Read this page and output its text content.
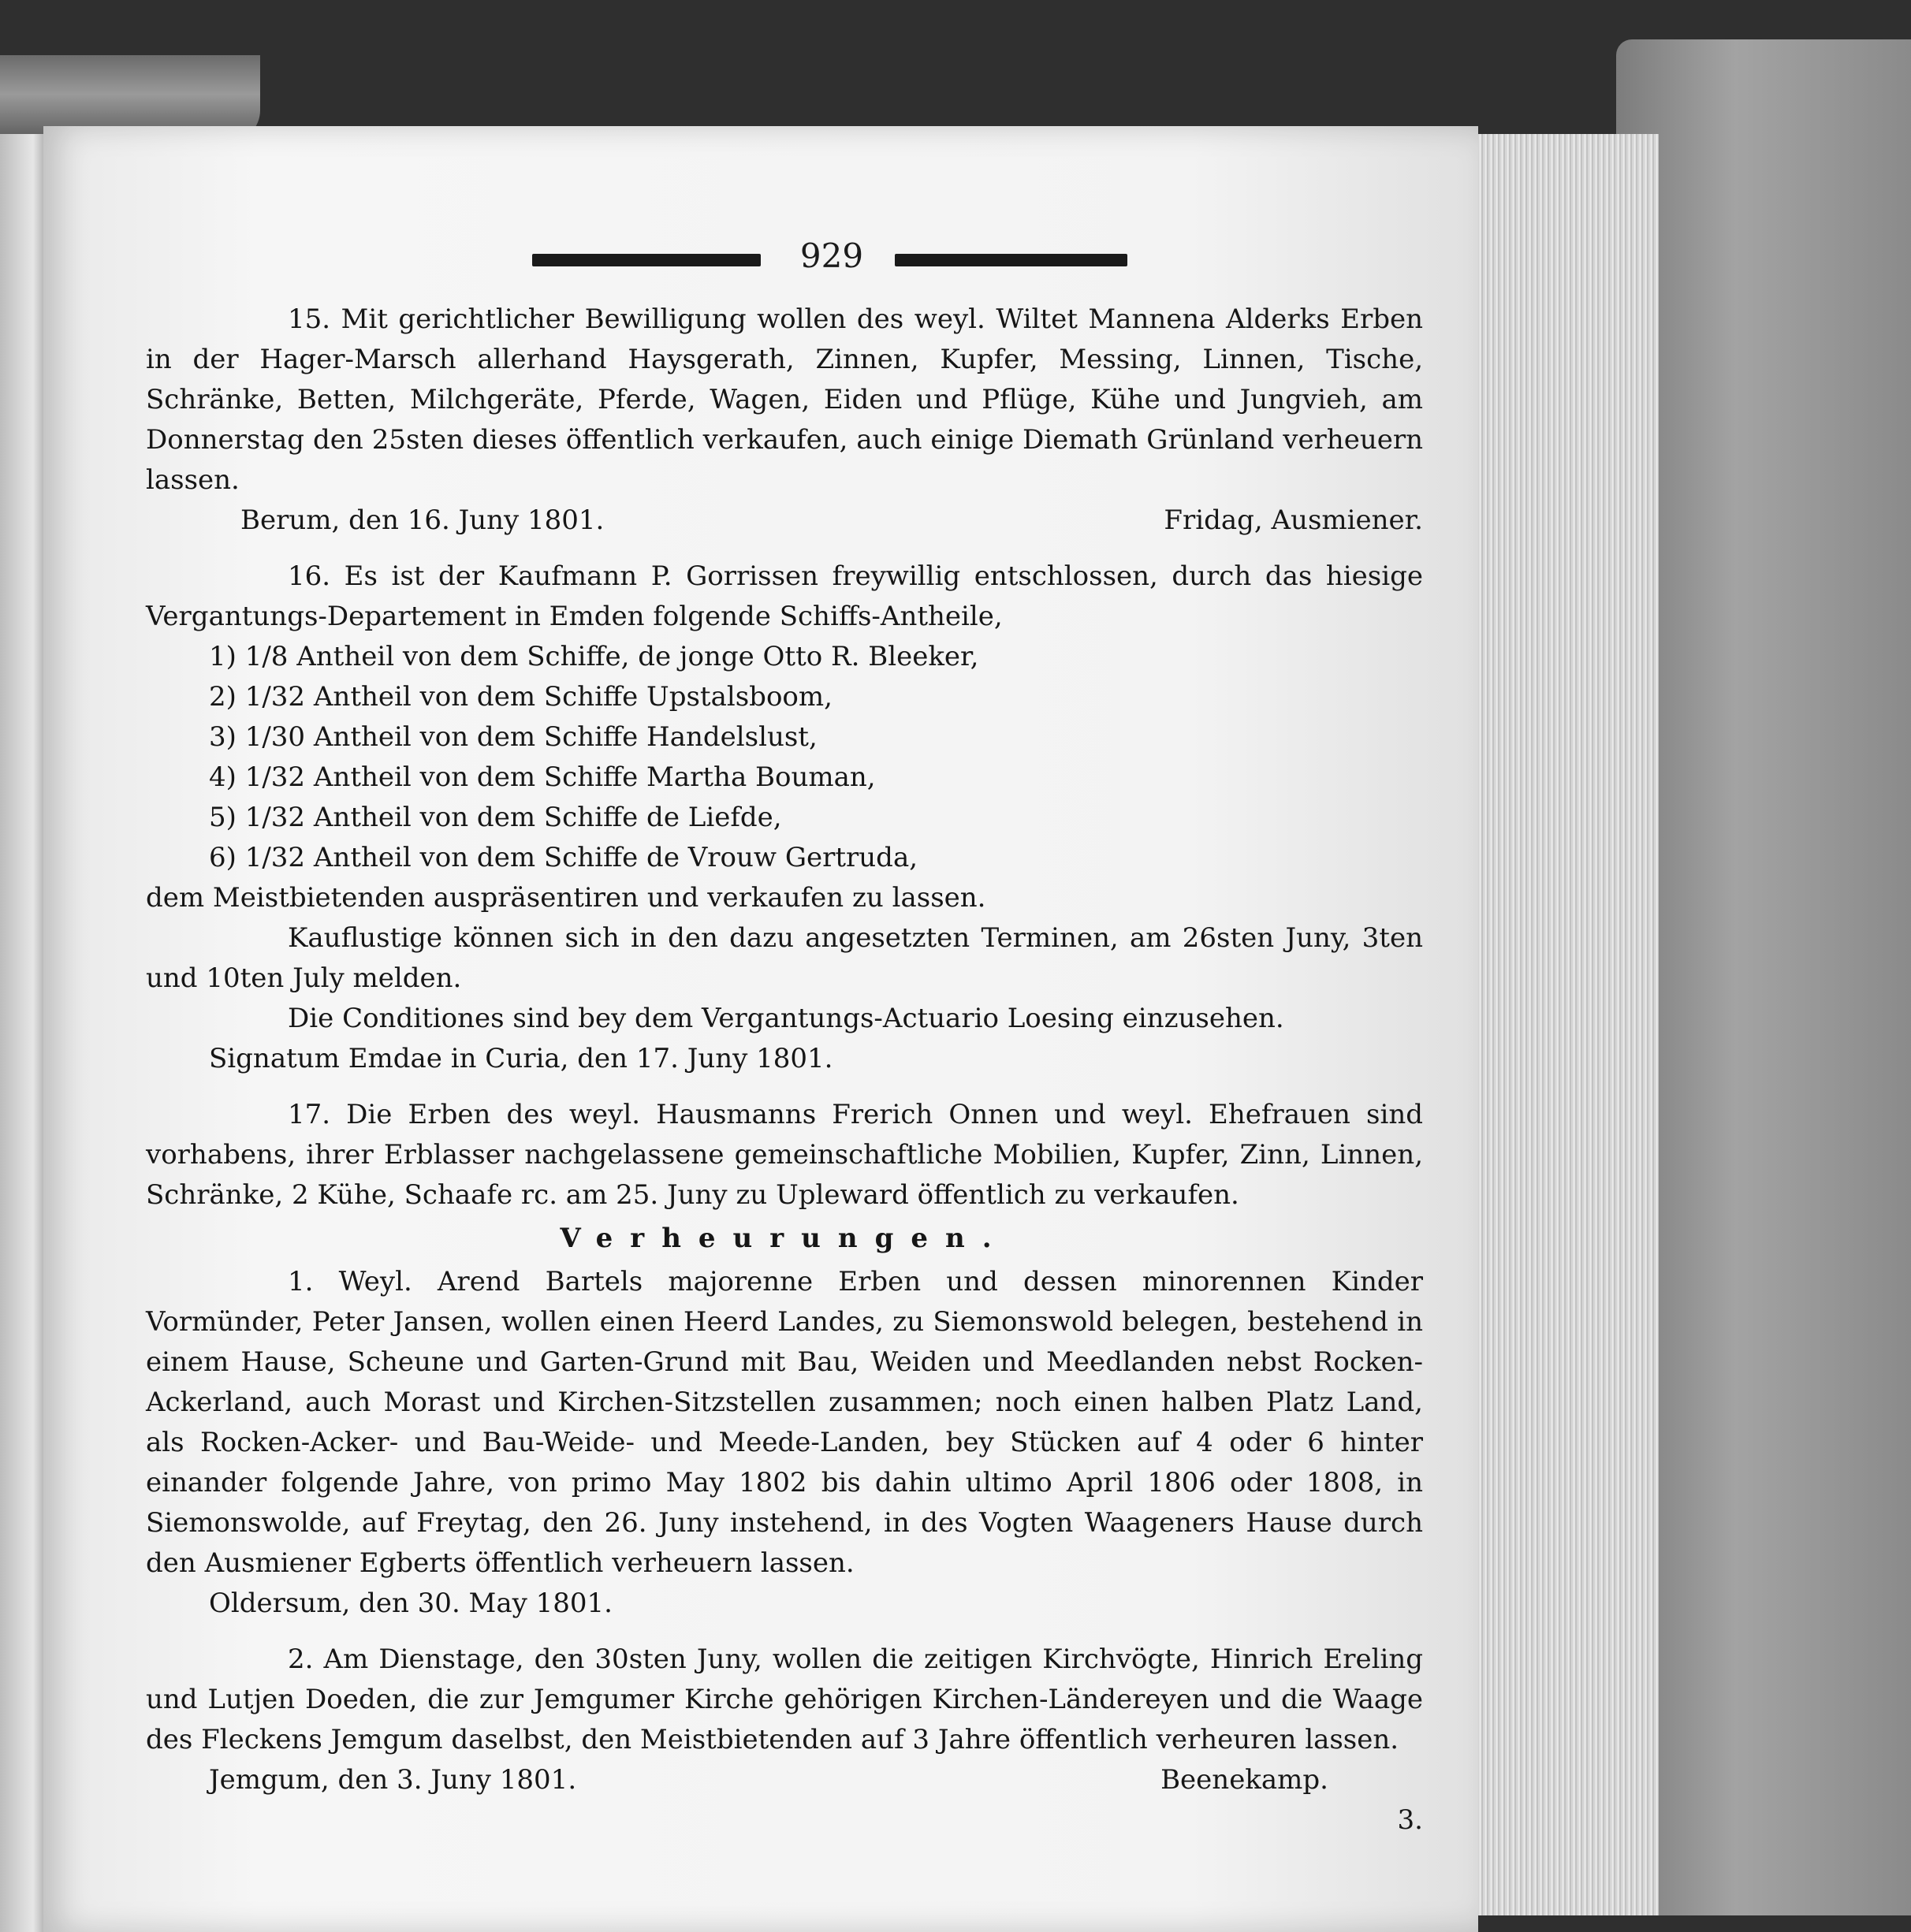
929

15. Mit gerichtlicher Bewilligung wollen des weyl. Wiltet Mannena Alderks Erben in der Hager-Marsch allerhand Haysgerath, Zinnen, Kupfer, Messing, Linnen, Tische, Schränke, Betten, Milchgeräte, Pferde, Wagen, Eiden und Pflüge, Kühe und Jungvieh, am Donnerstag den 25sten dieses öffentlich verkaufen, auch einige Diemath Grünland verheuern lassen.

Berum, den 16. Juny 1801.	Fridag, Ausmiener.

16. Es ist der Kaufmann P. Gorrissen freywillig entschlossen, durch das hiesige Vergantungs-Departement in Emden folgende Schiffs-Antheile,

1) 1/8 Antheil von dem Schiffe, de jonge Otto R. Bleeker,

2) 1/32 Antheil von dem Schiffe Upstalsboom,

3) 1/30 Antheil von dem Schiffe Handelslust,

4) 1/32 Antheil von dem Schiffe Martha Bouman,

5) 1/32 Antheil von dem Schiffe de Liefde,

6) 1/32 Antheil von dem Schiffe de Vrouw Gertruda,

dem Meistbietenden auspräsentiren und verkaufen zu lassen.

Kauflustige können sich in den dazu angesetzten Terminen, am 26sten Juny, 3ten und 10ten July melden.

Die Conditiones sind bey dem Vergantungs-Actuario Loesing einzusehen.

Signatum Emdae in Curia, den 17. Juny 1801.

17. Die Erben des weyl. Hausmanns Frerich Onnen und weyl. Ehefrauen sind vorhabens, ihrer Erblasser nachgelassene gemeinschaftliche Mobilien, Kupfer, Zinn, Linnen, Schränke, 2 Kühe, Schaafe rc. am 25. Juny zu Upleward öffentlich zu verkaufen.

Verheurungen.

1. Weyl. Arend Bartels majorenne Erben und dessen minorennen Kinder Vormünder, Peter Jansen, wollen einen Heerd Landes, zu Siemonswold belegen, bestehend in einem Hause, Scheune und Garten-Grund mit Bau, Weiden und Meedlanden nebst Rocken-Ackerland, auch Morast und Kirchen-Sitzstellen zusammen; noch einen halben Platz Land, als Rocken-Acker- und Bau-Weide- und Meede-Landen, bey Stücken auf 4 oder 6 hinter einander folgende Jahre, von primo May 1802 bis dahin ultimo April 1806 oder 1808, in Siemonswolde, auf Freytag, den 26. Juny instehend, in des Vogten Waageners Hause durch den Ausmiener Egberts öffentlich verheuern lassen.

Oldersum, den 30. May 1801.

2. Am Dienstage, den 30sten Juny, wollen die zeitigen Kirchvögte, Hinrich Ereling und Lutjen Doeden, die zur Jemgumer Kirche gehörigen Kirchen-Ländereyen und die Waage des Fleckens Jemgum daselbst, den Meistbietenden auf 3 Jahre öffentlich verheuren lassen.

Jemgum, den 3. Juny 1801.	Beenekamp.

3.
